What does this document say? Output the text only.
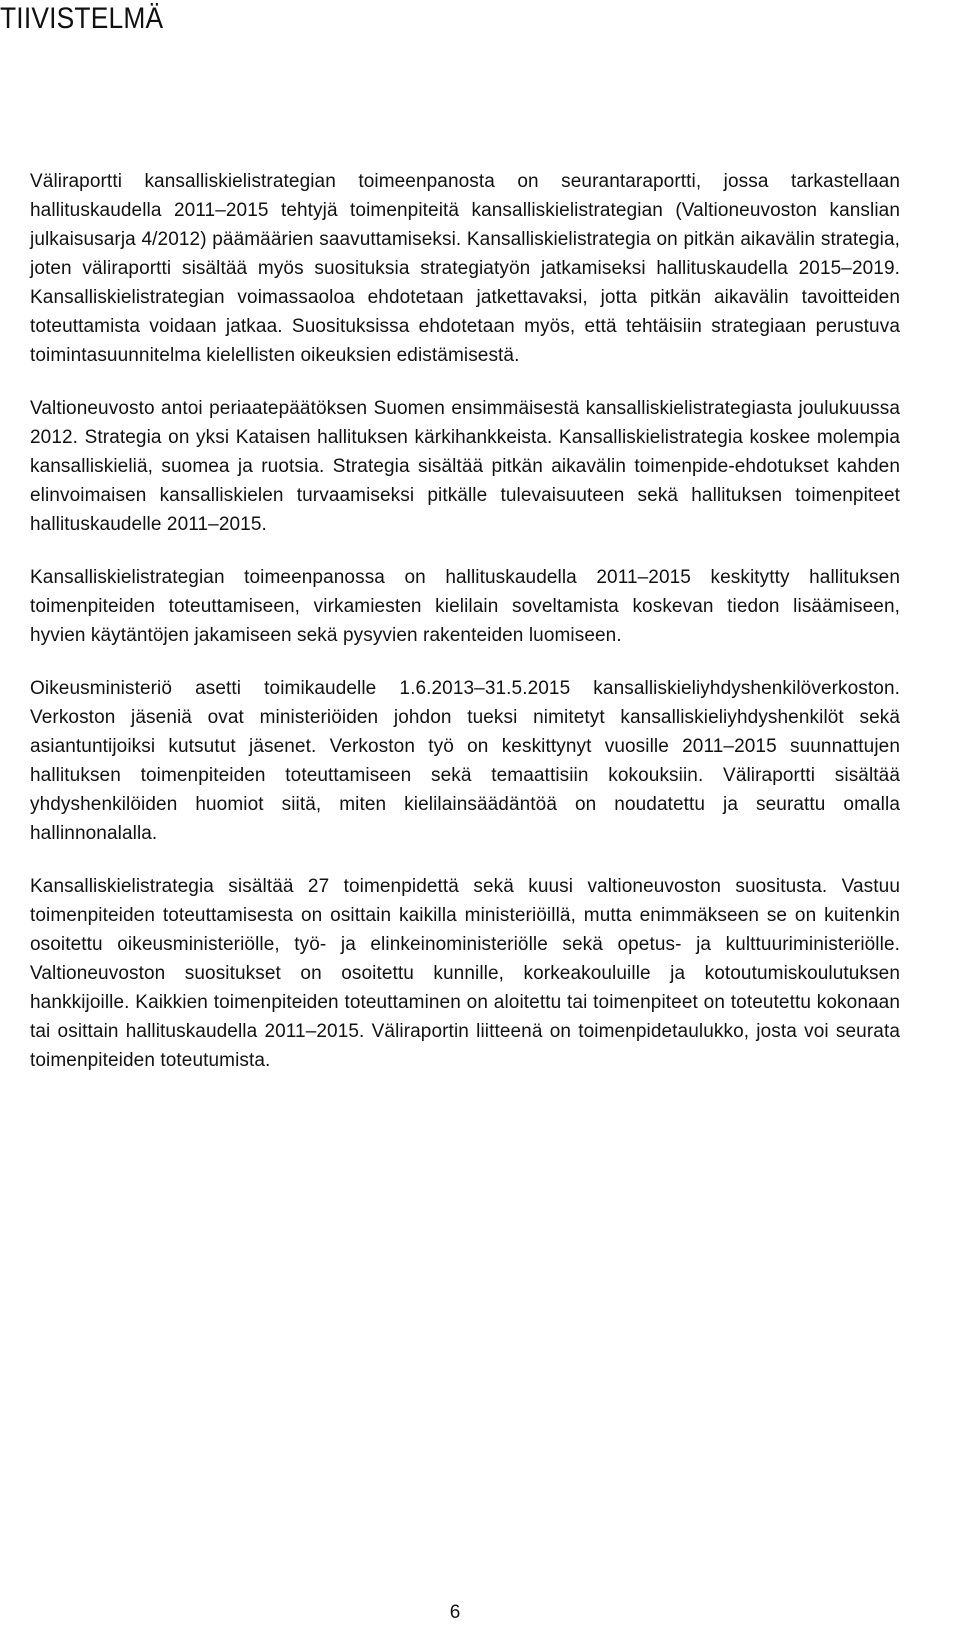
TIIVISTELMÄ

Väliraportti kansalliskielistrategian toimeenpanosta on seurantaraportti, jossa tarkastellaan hallituskaudella 2011–2015 tehtyjä toimenpiteitä kansalliskielistrategian (Valtioneuvoston kanslian julkaisusarja 4/2012) päämäärien saavuttamiseksi. Kansalliskielistrategia on pitkän aikavälin strategia, joten väliraportti sisältää myös suosituksia strategiatyön jatkamiseksi hallituskaudella 2015–2019. Kansalliskielistrategian voimassaoloa ehdotetaan jatkettavaksi, jotta pitkän aikavälin tavoitteiden toteuttamista voidaan jatkaa. Suosituksissa ehdotetaan myös, että tehtäisiin strategiaan perustuva toimintasuunnitelma kielellisten oikeuksien edistämisestä.

Valtioneuvosto antoi periaatepäätöksen Suomen ensimmäisestä kansalliskielistrategiasta joulukuussa 2012. Strategia on yksi Kataisen hallituksen kärkihankkeista. Kansalliskielistrategia koskee molempia kansalliskieliä, suomea ja ruotsia. Strategia sisältää pitkän aikavälin toimenpide-ehdotukset kahden elinvoimaisen kansalliskielen turvaamiseksi pitkälle tulevaisuuteen sekä hallituksen toimenpiteet hallituskaudelle 2011–2015.

Kansalliskielistrategian toimeenpanossa on hallituskaudella 2011–2015 keskitytty hallituksen toimenpiteiden toteuttamiseen, virkamiesten kielilain soveltamista koskevan tiedon lisäämiseen, hyvien käytäntöjen jakamiseen sekä pysyvien rakenteiden luomiseen.

Oikeusministeriö asetti toimikaudelle 1.6.2013–31.5.2015 kansalliskieliyhdyshenkilöverkoston. Verkoston jäseniä ovat ministeriöiden johdon tueksi nimitetyt kansalliskieliyhdyshenkilöt sekä asiantuntijoiksi kutsutut jäsenet. Verkoston työ on keskittynyt vuosille 2011–2015 suunnattujen hallituksen toimenpiteiden toteuttamiseen sekä temaattisiin kokouksiin. Väliraportti sisältää yhdyshenkilöiden huomiot siitä, miten kielilainsäädäntöä on noudatettu ja seurattu omalla hallinnonalalla.

Kansalliskielistrategia sisältää 27 toimenpidettä sekä kuusi valtioneuvoston suositusta. Vastuu toimenpiteiden toteuttamisesta on osittain kaikilla ministeriöillä, mutta enimmäkseen se on kuitenkin osoitettu oikeusministeriölle, työ- ja elinkeinoministeriölle sekä opetus- ja kulttuuriministeriölle. Valtioneuvoston suositukset on osoitettu kunnille, korkeakouluille ja kotoutumiskoulutuksen hankkijoille. Kaikkien toimenpiteiden toteuttaminen on aloitettu tai toimenpiteet on toteutettu kokonaan tai osittain hallituskaudella 2011–2015. Väliraportin liitteenä on toimenpidetaulukko, josta voi seurata toimenpiteiden toteutumista.

6
